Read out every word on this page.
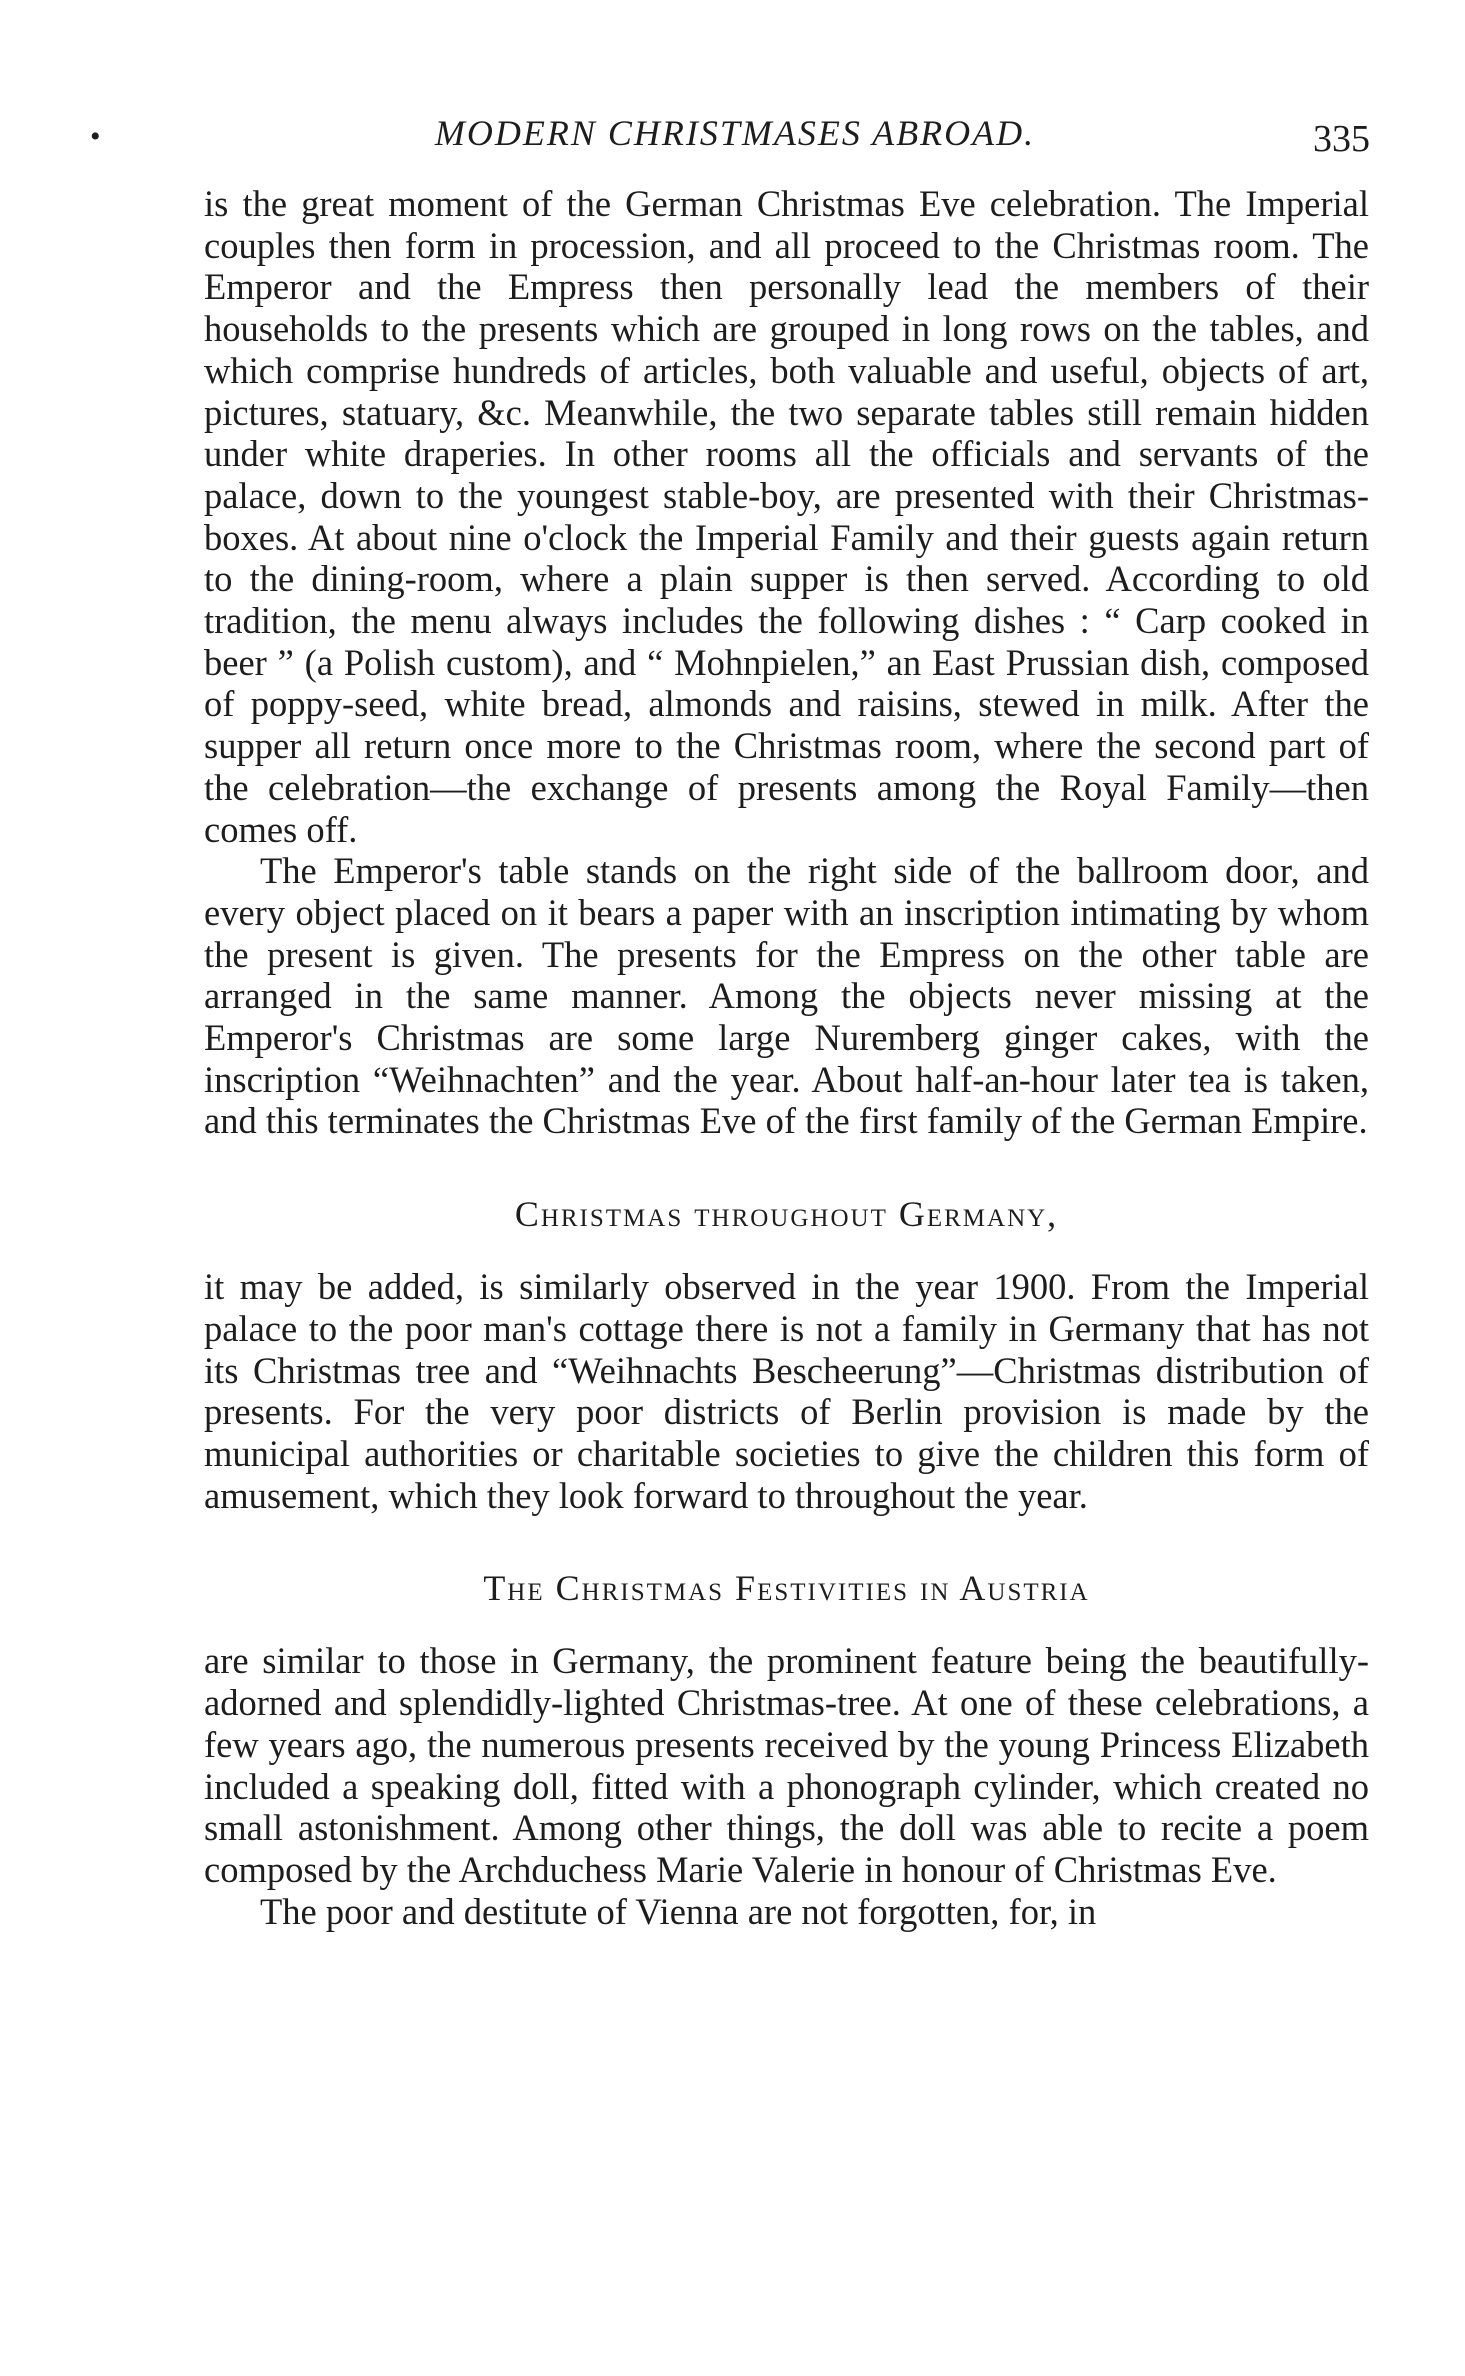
•	MODERN CHRISTMASES ABROAD.	335

is the great moment of the German Christmas Eve celebration. The Imperial couples then form in procession, and all proceed to the Christmas room. The Emperor and the Empress then personally lead the members of their households to the presents which are grouped in long rows on the tables, and which comprise hundreds of articles, both valuable and useful, objects of art, pictures, statuary, &c. Meanwhile, the two separate tables still remain hidden under white draperies. In other rooms all the officials and servants of the palace, down to the youngest stable-boy, are presented with their Christmas-boxes. At about nine o'clock the Imperial Family and their guests again return to the dining-room, where a plain supper is then served. According to old tradition, the menu always includes the following dishes : “ Carp cooked in beer ” (a Polish custom), and “ Mohnpielen,” an East Prussian dish, composed of poppy-seed, white bread, almonds and raisins, stewed in milk. After the supper all return once more to the Christmas room, where the second part of the celebration—the exchange of presents among the Royal Family—then comes off.

The Emperor's table stands on the right side of the ballroom door, and every object placed on it bears a paper with an inscription intimating by whom the present is given. The presents for the Empress on the other table are arranged in the same manner. Among the objects never missing at the Emperor's Christmas are some large Nuremberg ginger cakes, with the inscription “Weihnachten” and the year. About half-an-hour later tea is taken, and this terminates the Christmas Eve of the first family of the German Empire.

Christmas throughout Germany,

it may be added, is similarly observed in the year 1900. From the Imperial palace to the poor man's cottage there is not a family in Germany that has not its Christmas tree and “Weihnachts Bescheerung”—Christmas distribution of presents. For the very poor districts of Berlin provision is made by the municipal authorities or charitable societies to give the children this form of amusement, which they look forward to throughout the year.

The Christmas Festivities in Austria

are similar to those in Germany, the prominent feature being the beautifully-adorned and splendidly-lighted Christmas-tree. At one of these celebrations, a few years ago, the numerous presents received by the young Princess Elizabeth included a speaking doll, fitted with a phonograph cylinder, which created no small astonishment. Among other things, the doll was able to recite a poem composed by the Archduchess Marie Valerie in honour of Christmas Eve.

The poor and destitute of Vienna are not forgotten, for, in
